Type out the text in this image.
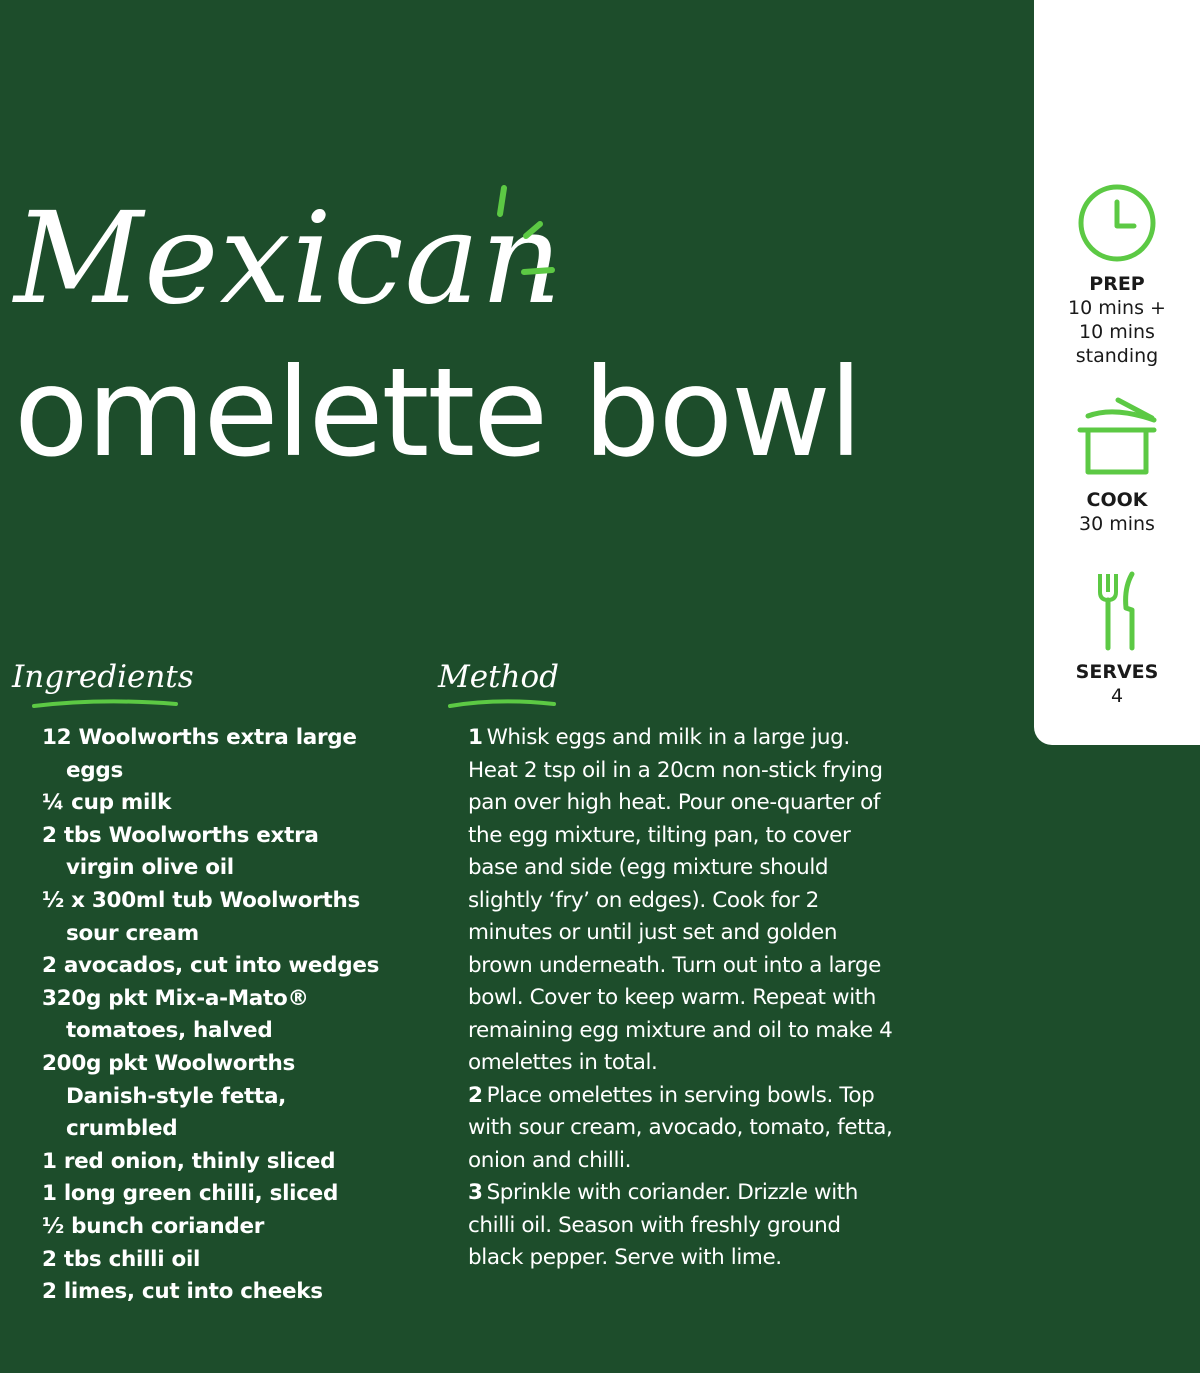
Mexican
omelette bowl
PREP
10 mins +
10 mins
standing
COOK
30 mins
SERVES
4
Ingredients
12 Woolworths extra large eggs
¼ cup milk
2 tbs Woolworths extra virgin olive oil
½ x 300ml tub Woolworths sour cream
2 avocados, cut into wedges
320g pkt Mix-a-Mato® tomatoes, halved
200g pkt Woolworths Danish-style fetta, crumbled
1 red onion, thinly sliced
1 long green chilli, sliced
½ bunch coriander
2 tbs chilli oil
2 limes, cut into cheeks
Method
1 Whisk eggs and milk in a large jug. Heat 2 tsp oil in a 20cm non-stick frying pan over high heat. Pour one-quarter of the egg mixture, tilting pan, to cover base and side (egg mixture should slightly ‘fry’ on edges). Cook for 2 minutes or until just set and golden brown underneath. Turn out into a large bowl. Cover to keep warm. Repeat with remaining egg mixture and oil to make 4 omelettes in total.
2 Place omelettes in serving bowls. Top with sour cream, avocado, tomato, fetta, onion and chilli.
3 Sprinkle with coriander. Drizzle with chilli oil. Season with freshly ground black pepper. Serve with lime.
